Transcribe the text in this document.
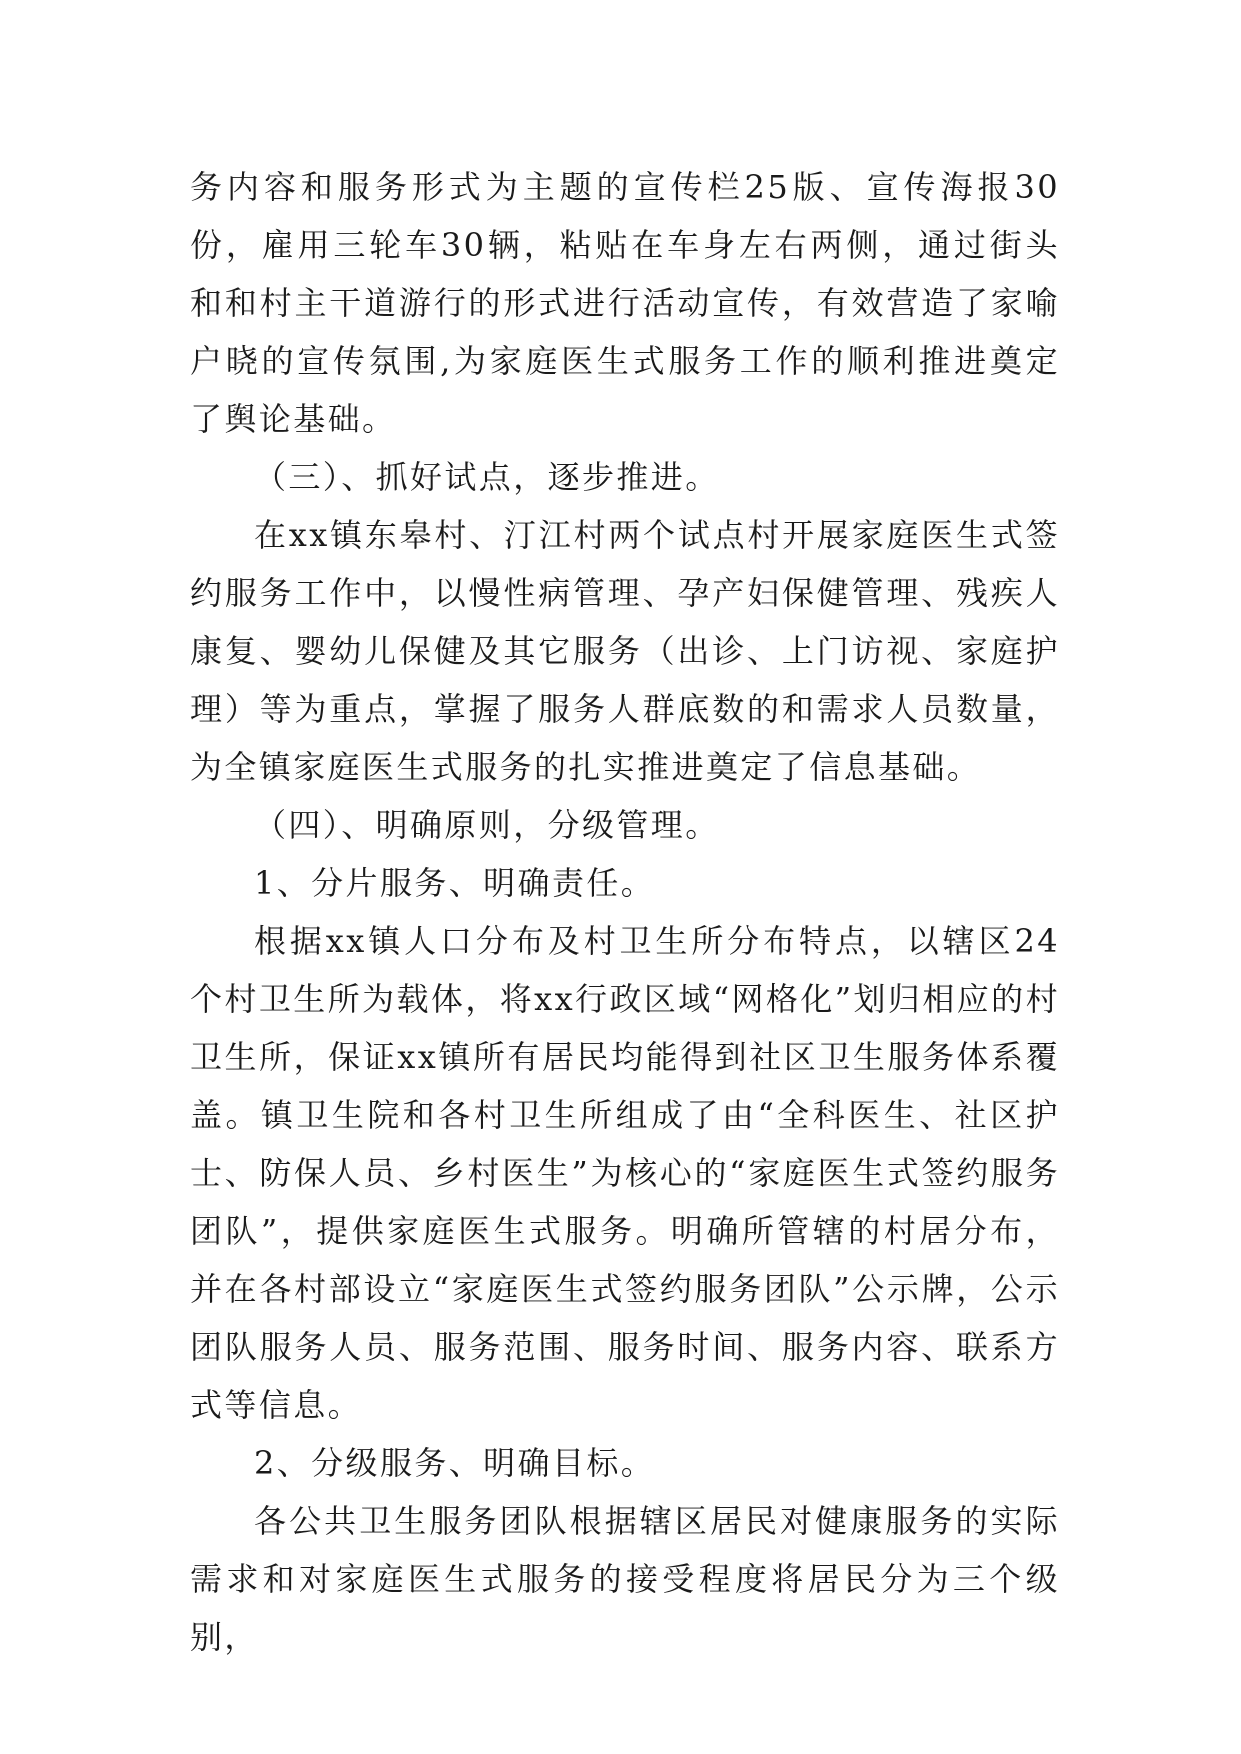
务内容和服务形式为主题的宣传栏25版、宣传海报30份，雇用三轮车30辆，粘贴在车身左右两侧，通过街头和和村主干道游行的形式进行活动宣传，有效营造了家喻户晓的宣传氛围,为家庭医生式服务工作的顺利推进奠定了舆论基础。

（三）、抓好试点，逐步推进。

在xx镇东皋村、汀江村两个试点村开展家庭医生式签约服务工作中，以慢性病管理、孕产妇保健管理、残疾人康复、婴幼儿保健及其它服务（出诊、上门访视、家庭护理）等为重点，掌握了服务人群底数的和需求人员数量，为全镇家庭医生式服务的扎实推进奠定了信息基础。

（四）、明确原则，分级管理。

1、分片服务、明确责任。

根据xx镇人口分布及村卫生所分布特点，以辖区24个村卫生所为载体，将xx行政区域“网格化”划归相应的村卫生所，保证xx镇所有居民均能得到社区卫生服务体系覆盖。镇卫生院和各村卫生所组成了由“全科医生、社区护士、防保人员、乡村医生”为核心的“家庭医生式签约服务团队”，提供家庭医生式服务。明确所管辖的村居分布，并在各村部设立“家庭医生式签约服务团队”公示牌，公示团队服务人员、服务范围、服务时间、服务内容、联系方式等信息。

2、分级服务、明确目标。

各公共卫生服务团队根据辖区居民对健康服务的实际需求和对家庭医生式服务的接受程度将居民分为三个级别，
